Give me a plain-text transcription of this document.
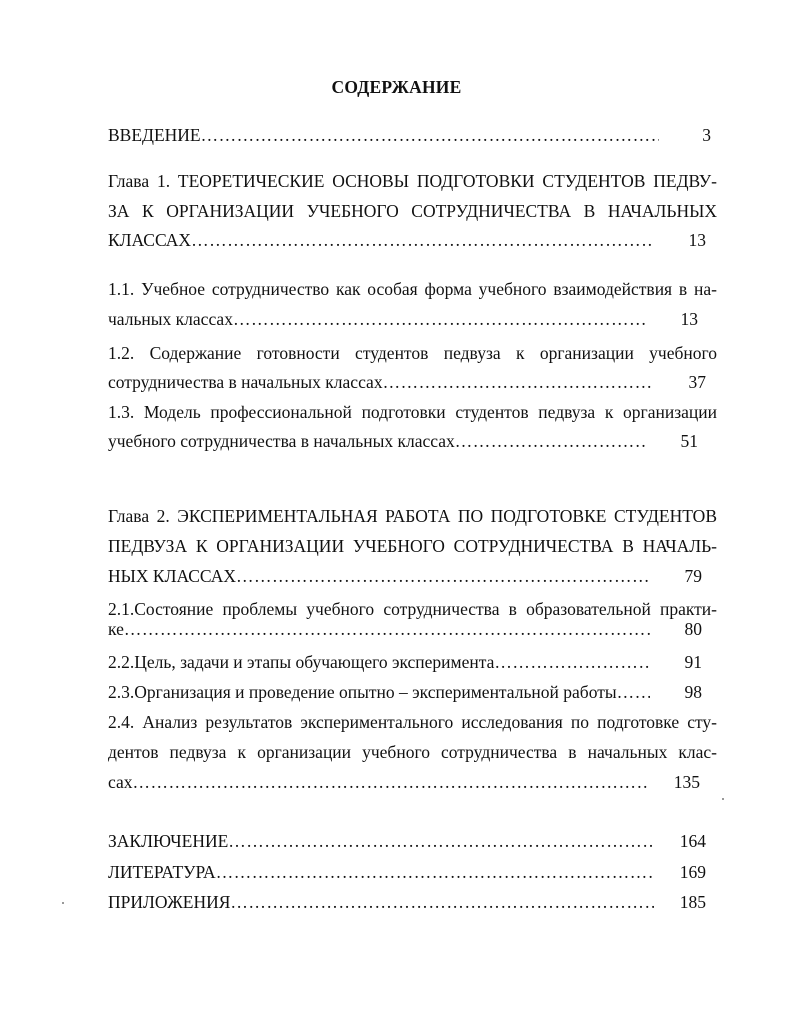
СОДЕРЖАНИЕ
ВВЕДЕНИЕ ………………………………………………………………………………………………………………………………………………………………………………………………	3
Глава 1. ТЕОРЕТИЧЕСКИЕ ОСНОВЫ ПОДГОТОВКИ СТУДЕНТОВ ПЕДВУ-
ЗА К ОРГАНИЗАЦИИ УЧЕБНОГО СОТРУДНИЧЕСТВА В НАЧАЛЬНЫХ
КЛАССАХ ………………………………………………………………………………………………………………………………………………………………………………………………	13
1.1. Учебное сотрудничество как особая форма учебного взаимодействия в на-
чальных классах ………………………………………………………………………………………………………………………………………………………………………………………………	13
1.2. Содержание готовности студентов педвуза к организации учебного
сотрудничества в начальных классах ………………………………………………………………………………………………………………………………………………………………………………………………	37
1.3. Модель профессиональной подготовки студентов педвуза к организации
учебного сотрудничества в начальных классах ………………………………………………………………………………………………………………………………………………………………………………………………	51
Глава 2. ЭКСПЕРИМЕНТАЛЬНАЯ РАБОТА ПО ПОДГОТОВКЕ СТУДЕНТОВ
ПЕДВУЗА К ОРГАНИЗАЦИИ УЧЕБНОГО СОТРУДНИЧЕСТВА В НАЧАЛЬ-
НЫХ КЛАССАХ ………………………………………………………………………………………………………………………………………………………………………………………………	79
2.1.Состояние проблемы учебного сотрудничества в образовательной практи-
ке ………………………………………………………………………………………………………………………………………………………………………………………………	80
2.2.Цель, задачи и этапы обучающего эксперимента ………………………………………………………………………………………………………………………………………………………………………………………………	91
2.3.Организация и проведение опытно – экспериментальной работы ………………………………………………………………………………………………………………………………………………………………………………………………	98
2.4. Анализ результатов экспериментального исследования по подготовке сту-
дентов педвуза к организации учебного сотрудничества в начальных клас-
сах ………………………………………………………………………………………………………………………………………………………………………………………………	135
ЗАКЛЮЧЕНИЕ ………………………………………………………………………………………………………………………………………………………………………………………………	164
ЛИТЕРАТУРА ………………………………………………………………………………………………………………………………………………………………………………………………	169
ПРИЛОЖЕНИЯ ………………………………………………………………………………………………………………………………………………………………………………………………	185
